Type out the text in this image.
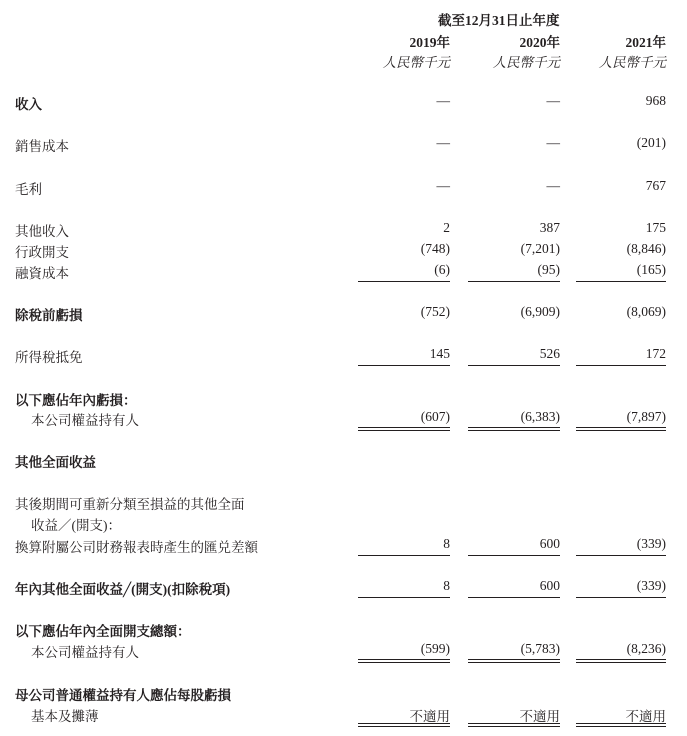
截至12月31日止年度
2019年	2020年	2021年
人民幣千元	人民幣千元	人民幣千元
收入	—	—	968
銷售成本	—	—	(201)
毛利	—	—	767
其他收入	2	387	175
行政開支	(748)	(7,201)	(8,846)
融資成本	(6)	(95)	(165)
除稅前虧損	(752)	(6,909)	(8,069)
所得稅抵免	145	526	172
以下應佔年內虧損：
本公司權益持有人	(607)	(6,383)	(7,897)
其他全面收益
其後期間可重新分類至損益的其他全面
收益／(開支)：
換算附屬公司財務報表時產生的匯兑差額	8	600	(339)
年內其他全面收益╱(開支)(扣除稅項)	8	600	(339)
以下應佔年內全面開支總額：
本公司權益持有人	(599)	(5,783)	(8,236)
母公司普通權益持有人應佔每股虧損
基本及攤薄	不適用	不適用	不適用
